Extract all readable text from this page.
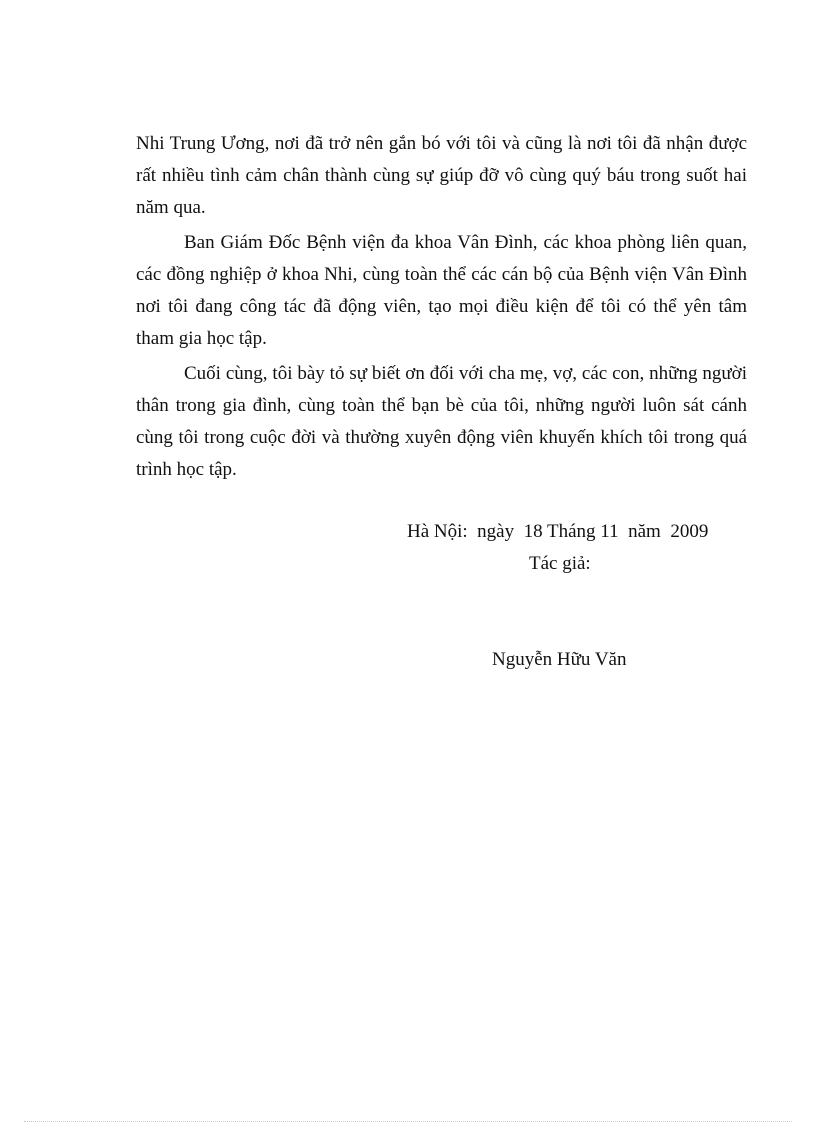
Nhi Trung Ương, nơi đã trở nên gắn bó với tôi và cũng là nơi tôi đã nhận được rất nhiều tình cảm chân thành cùng sự giúp đỡ vô cùng quý báu trong suốt hai năm qua.

Ban Giám Đốc Bệnh viện đa khoa Vân Đình, các khoa phòng liên quan, các đồng nghiệp ở khoa Nhi, cùng toàn thể các cán bộ của Bệnh viện Vân Đình nơi tôi đang công tác đã động viên, tạo mọi điều kiện để tôi có thể yên tâm tham gia học tập.

Cuối cùng, tôi bày tỏ sự biết ơn đối với cha mẹ, vợ, các con, những người thân trong gia đình, cùng toàn thể bạn bè của tôi, những người luôn sát cánh cùng tôi trong cuộc đời và thường xuyên động viên khuyến khích tôi trong quá trình học tập.

Hà Nội:  ngày  18 Tháng 11  năm  2009
Tác giả:
Nguyễn Hữu Văn
